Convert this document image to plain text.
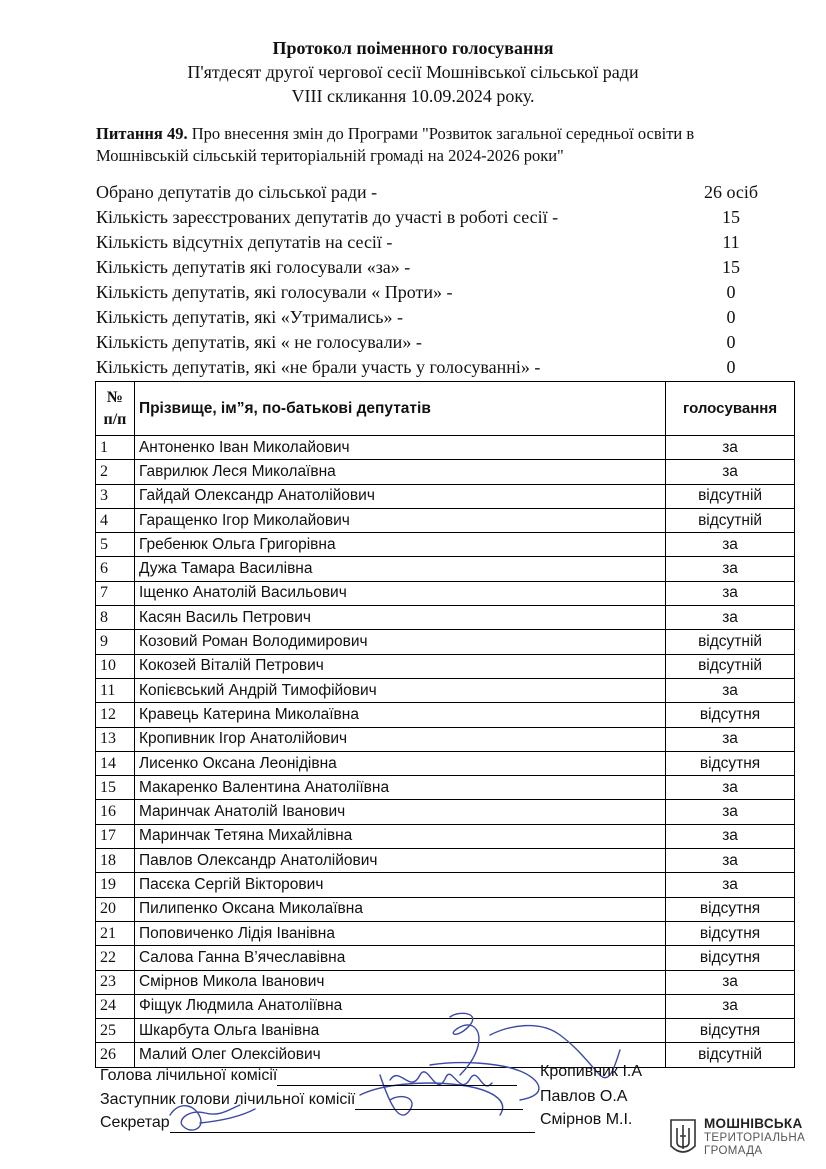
Протокол поіменного голосування
П'ятдесят другої чергової сесії Мошнівської сільської ради
VIII скликання 10.09.2024 року.
Питання 49. Про внесення змін до Програми "Розвиток загальної середньої освіти в Мошнівській сільській територіальній громаді на 2024-2026 роки"
Обрано депутатів до сільської ради -	26 осіб
Кількість зареєстрованих депутатів до участі в роботі сесії -	15
Кількість відсутніх депутатів на сесії -	11
Кількість депутатів які голосували «за» -	15
Кількість депутатів, які голосували « Проти» -	0
Кількість депутатів, які «Утримались» -	0
Кількість депутатів, які « не голосували» -	0
Кількість депутатів, які «не брали участь у голосуванні» -	0
№
п/п	Прізвище, ім”я, по-батькові депутатів	голосування
1	Антоненко Іван Миколайович	за
2	Гаврилюк Леся Миколаївна	за
3	Гайдай Олександр Анатолійович	відсутній
4	Гаращенко Ігор Миколайович	відсутній
5	Гребенюк Ольга Григорівна	за
6	Дужа Тамара Василівна	за
7	Іщенко Анатолій Васильович	за
8	Касян Василь Петрович	за
9	Козовий Роман Володимирович	відсутній
10	Кокозей Віталій Петрович	відсутній
11	Копієвський Андрій Тимофійович	за
12	Кравець Катерина Миколаївна	відсутня
13	Кропивник Ігор Анатолійович	за
14	Лисенко Оксана Леонідівна	відсутня
15	Макаренко Валентина Анатоліївна	за
16	Маринчак Анатолій Іванович	за
17	Маринчак Тетяна Михайлівна	за
18	Павлов Олександр Анатолійович	за
19	Пасєка Сергій Вікторович	за
20	Пилипенко Оксана Миколаївна	відсутня
21	Поповиченко Лідія Іванівна	відсутня
22	Салова Ганна В’ячеславівна	відсутня
23	Смірнов Микола Іванович	за
24	Фіщук Людмила Анатоліївна	за
25	Шкарбута Ольга Іванівна	відсутня
26	Малий Олег Олексійович	відсутній
Голова лічильної комісії	Кропивник І.А
Заступник голови лічильної комісії	Павлов О.А
Секретар	Смірнов М.І.	МОШНІВСЬКА
ТЕРИТОРІАЛЬНА
ГРОМАДА
